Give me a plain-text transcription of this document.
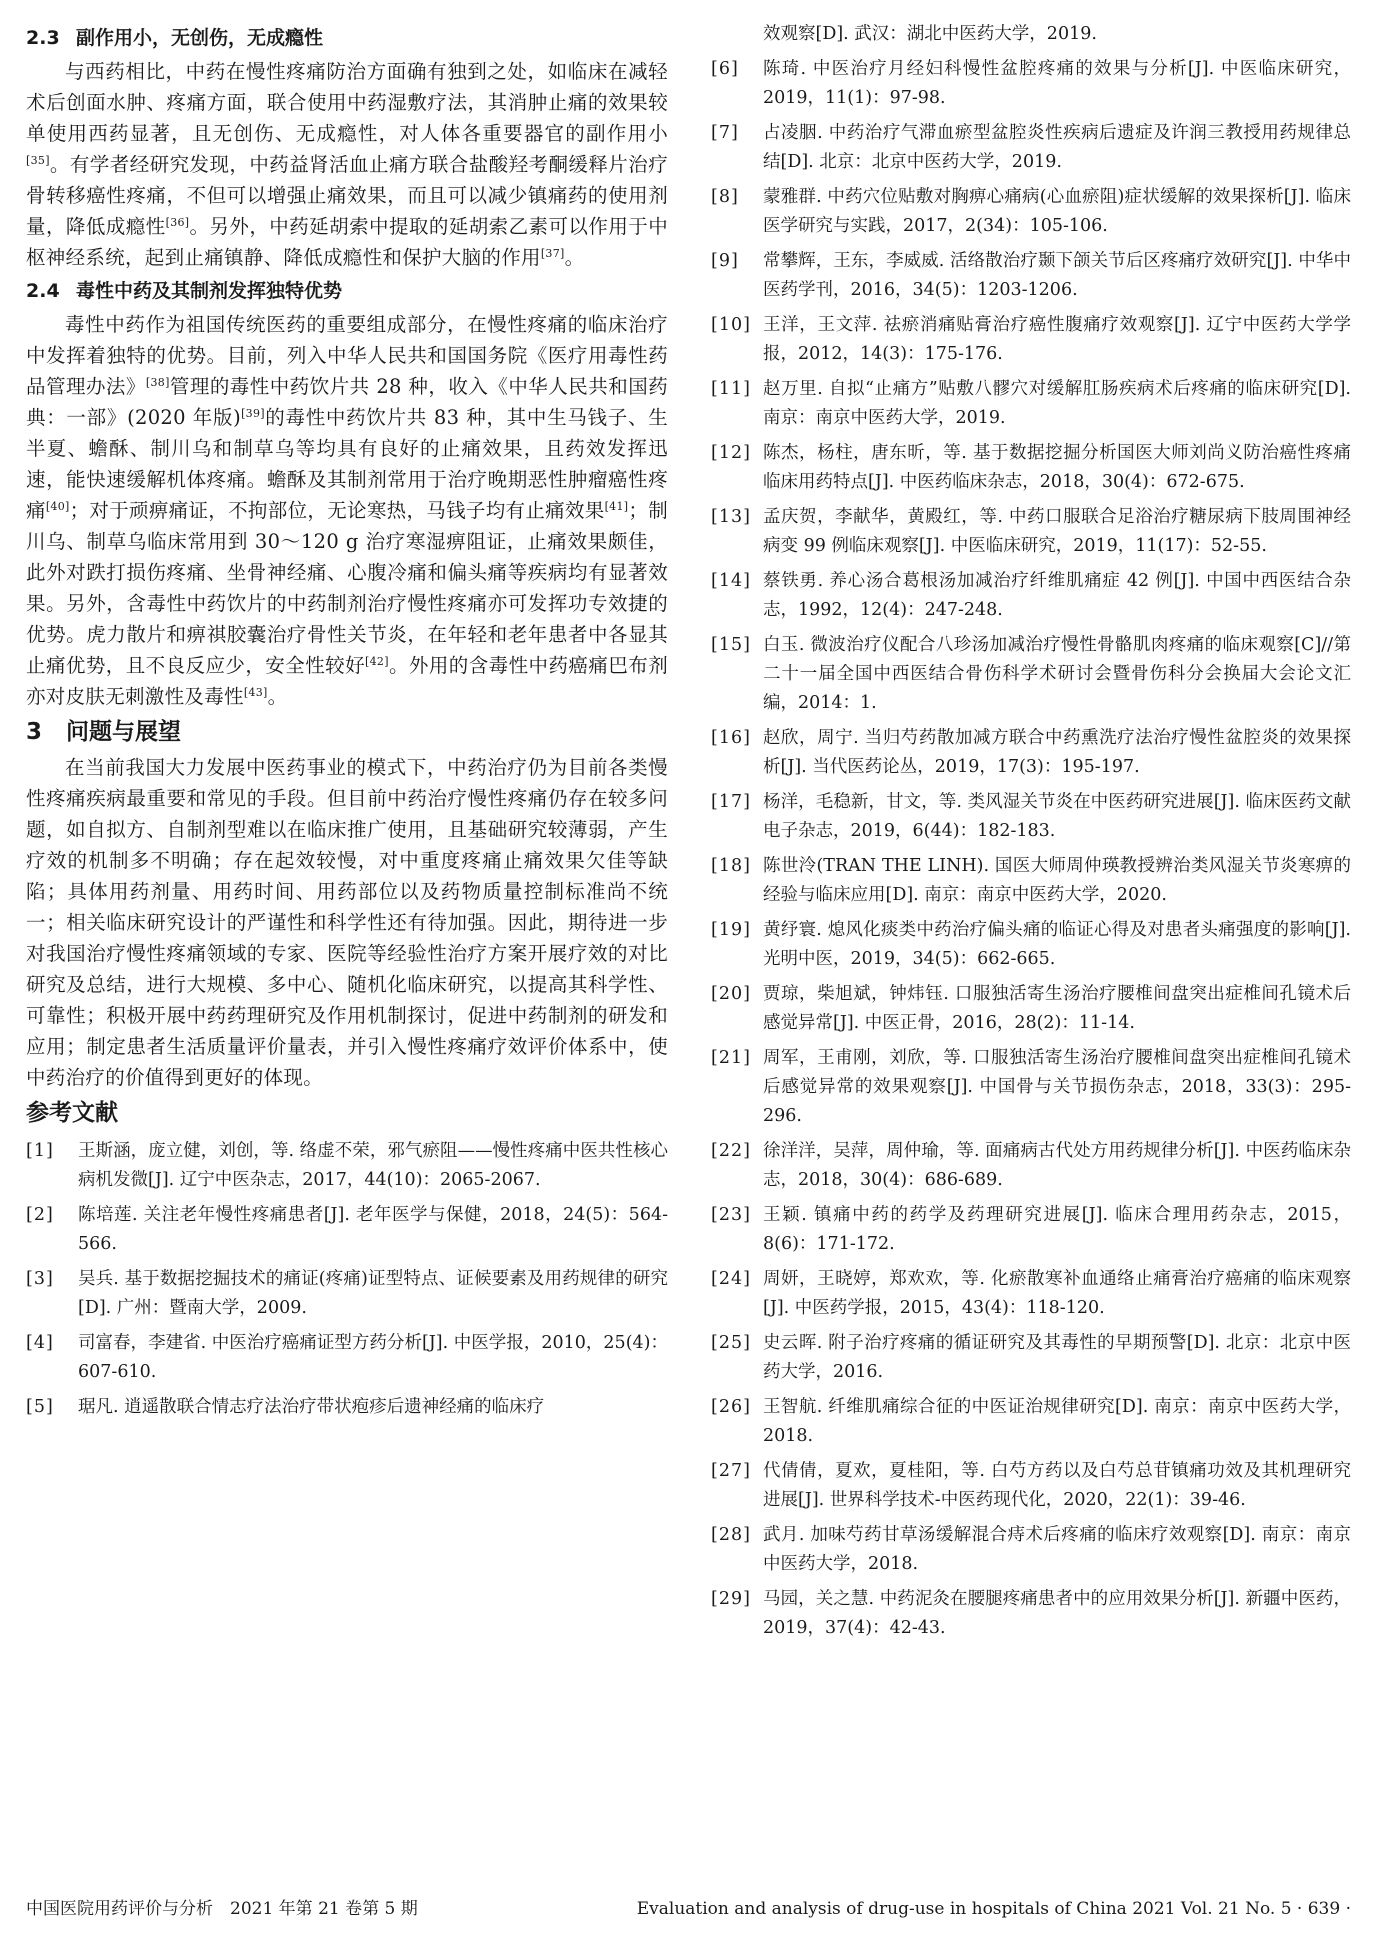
2.3 副作用小，无创伤，无成瘾性

与西药相比，中药在慢性疼痛防治方面确有独到之处，如临床在减轻术后创面水肿、疼痛方面，联合使用中药湿敷疗法，其消肿止痛的效果较单使用西药显著，且无创伤、无成瘾性，对人体各重要器官的副作用小[35]。有学者经研究发现，中药益肾活血止痛方联合盐酸羟考酮缓释片治疗骨转移癌性疼痛，不但可以增强止痛效果，而且可以减少镇痛药的使用剂量，降低成瘾性[36]。另外，中药延胡索中提取的延胡索乙素可以作用于中枢神经系统，起到止痛镇静、降低成瘾性和保护大脑的作用[37]。

2.4 毒性中药及其制剂发挥独特优势

毒性中药作为祖国传统医药的重要组成部分，在慢性疼痛的临床治疗中发挥着独特的优势。目前，列入中华人民共和国国务院《医疗用毒性药品管理办法》[38]管理的毒性中药饮片共 28 种，收入《中华人民共和国药典：一部》(2020 年版)[39]的毒性中药饮片共 83 种，其中生马钱子、生半夏、蟾酥、制川乌和制草乌等均具有良好的止痛效果，且药效发挥迅速，能快速缓解机体疼痛。蟾酥及其制剂常用于治疗晚期恶性肿瘤癌性疼痛[40]；对于顽痹痛证，不拘部位，无论寒热，马钱子均有止痛效果[41]；制川乌、制草乌临床常用到 30～120 g 治疗寒湿痹阻证，止痛效果颇佳，此外对跌打损伤疼痛、坐骨神经痛、心腹冷痛和偏头痛等疾病均有显著效果。另外，含毒性中药饮片的中药制剂治疗慢性疼痛亦可发挥功专效捷的优势。虎力散片和痹祺胶囊治疗骨性关节炎，在年轻和老年患者中各显其止痛优势，且不良反应少，安全性较好[42]。外用的含毒性中药癌痛巴布剂亦对皮肤无刺激性及毒性[43]。

3 问题与展望

在当前我国大力发展中医药事业的模式下，中药治疗仍为目前各类慢性疼痛疾病最重要和常见的手段。但目前中药治疗慢性疼痛仍存在较多问题，如自拟方、自制剂型难以在临床推广使用，且基础研究较薄弱，产生疗效的机制多不明确；存在起效较慢，对中重度疼痛止痛效果欠佳等缺陷；具体用药剂量、用药时间、用药部位以及药物质量控制标准尚不统一；相关临床研究设计的严谨性和科学性还有待加强。因此，期待进一步对我国治疗慢性疼痛领域的专家、医院等经验性治疗方案开展疗效的对比研究及总结，进行大规模、多中心、随机化临床研究，以提高其科学性、可靠性；积极开展中药药理研究及作用机制探讨，促进中药制剂的研发和应用；制定患者生活质量评价量表，并引入慢性疼痛疗效评价体系中，使中药治疗的价值得到更好的体现。

参考文献
[1]	王斯涵，庞立健，刘创，等. 络虚不荣，邪气瘀阻——慢性疼痛中医共性核心病机发微[J]. 辽宁中医杂志，2017，44(10)：2065-2067.
[2]	陈培莲. 关注老年慢性疼痛患者[J]. 老年医学与保健，2018，24(5)：564-566.
[3]	吴兵. 基于数据挖掘技术的痛证(疼痛)证型特点、证候要素及用药规律的研究[D]. 广州：暨南大学，2009.
[4]	司富春，李建省. 中医治疗癌痛证型方药分析[J]. 中医学报，2010，25(4)：607-610.
[5]	琚凡. 逍遥散联合情志疗法治疗带状疱疹后遗神经痛的临床疗
效观察[D]. 武汉：湖北中医药大学，2019.
[6]	陈琦. 中医治疗月经妇科慢性盆腔疼痛的效果与分析[J]. 中医临床研究，2019，11(1)：97-98.
[7]	占凌胭. 中药治疗气滞血瘀型盆腔炎性疾病后遗症及许润三教授用药规律总结[D]. 北京：北京中医药大学，2019.
[8]	蒙雅群. 中药穴位贴敷对胸痹心痛病(心血瘀阻)症状缓解的效果探析[J]. 临床医学研究与实践，2017，2(34)：105-106.
[9]	常攀辉，王东，李威威. 活络散治疗颞下颌关节后区疼痛疗效研究[J]. 中华中医药学刊，2016，34(5)：1203-1206.
[10] 王洋，王文萍. 祛瘀消痛贴膏治疗癌性腹痛疗效观察[J]. 辽宁中医药大学学报，2012，14(3)：175-176.
[11] 赵万里. 自拟“止痛方”贴敷八髎穴对缓解肛肠疾病术后疼痛的临床研究[D]. 南京：南京中医药大学，2019.
[12] 陈杰，杨柱，唐东昕，等. 基于数据挖掘分析国医大师刘尚义防治癌性疼痛临床用药特点[J]. 中医药临床杂志，2018，30(4)：672-675.
[13] 孟庆贺，李献华，黄殿红，等. 中药口服联合足浴治疗糖尿病下肢周围神经病变 99 例临床观察[J]. 中医临床研究，2019，11(17)：52-55.
[14] 蔡铁勇. 养心汤合葛根汤加减治疗纤维肌痛症 42 例[J]. 中国中西医结合杂志，1992，12(4)：247-248.
[15] 白玉. 微波治疗仪配合八珍汤加减治疗慢性骨骼肌肉疼痛的临床观察[C]//第二十一届全国中西医结合骨伤科学术研讨会暨骨伤科分会换届大会论文汇编，2014：1.
[16] 赵欣，周宁. 当归芍药散加减方联合中药熏洗疗法治疗慢性盆腔炎的效果探析[J]. 当代医药论丛，2019，17(3)：195-197.
[17] 杨洋，毛稳新，甘文，等. 类风湿关节炎在中医药研究进展[J]. 临床医药文献电子杂志，2019，6(44)：182-183.
[18] 陈世泠(TRAN THE LINH). 国医大师周仲瑛教授辨治类风湿关节炎寒痹的经验与临床应用[D]. 南京：南京中医药大学，2020.
[19] 黄纾寰. 熄风化痰类中药治疗偏头痛的临证心得及对患者头痛强度的影响[J]. 光明中医，2019，34(5)：662-665.
[20] 贾琼，柴旭斌，钟炜钰. 口服独活寄生汤治疗腰椎间盘突出症椎间孔镜术后感觉异常[J]. 中医正骨，2016，28(2)：11-14.
[21] 周军，王甫刚，刘欣，等. 口服独活寄生汤治疗腰椎间盘突出症椎间孔镜术后感觉异常的效果观察[J]. 中国骨与关节损伤杂志，2018，33(3)：295-296.
[22] 徐洋洋，吴萍，周仲瑜，等. 面痛病古代处方用药规律分析[J]. 中医药临床杂志，2018，30(4)：686-689.
[23] 王颖. 镇痛中药的药学及药理研究进展[J]. 临床合理用药杂志，2015，8(6)：171-172.
[24] 周妍，王晓婷，郑欢欢，等. 化瘀散寒补血通络止痛膏治疗癌痛的临床观察[J]. 中医药学报，2015，43(4)：118-120.
[25] 史云晖. 附子治疗疼痛的循证研究及其毒性的早期预警[D]. 北京：北京中医药大学，2016.
[26] 王智航. 纤维肌痛综合征的中医证治规律研究[D]. 南京：南京中医药大学，2018.
[27] 代倩倩，夏欢，夏桂阳，等. 白芍方药以及白芍总苷镇痛功效及其机理研究进展[J]. 世界科学技术-中医药现代化，2020，22(1)：39-46.
[28] 武月. 加味芍药甘草汤缓解混合痔术后疼痛的临床疗效观察[D]. 南京：南京中医药大学，2018.
[29] 马园，关之慧. 中药泥灸在腰腿疼痛患者中的应用效果分析[J]. 新疆中医药，2019，37(4)：42-43.
中国医院用药评价与分析　2021 年第 21 卷第 5 期	Evaluation and analysis of drug-use in hospitals of China 2021 Vol. 21 No. 5 · 639 ·
